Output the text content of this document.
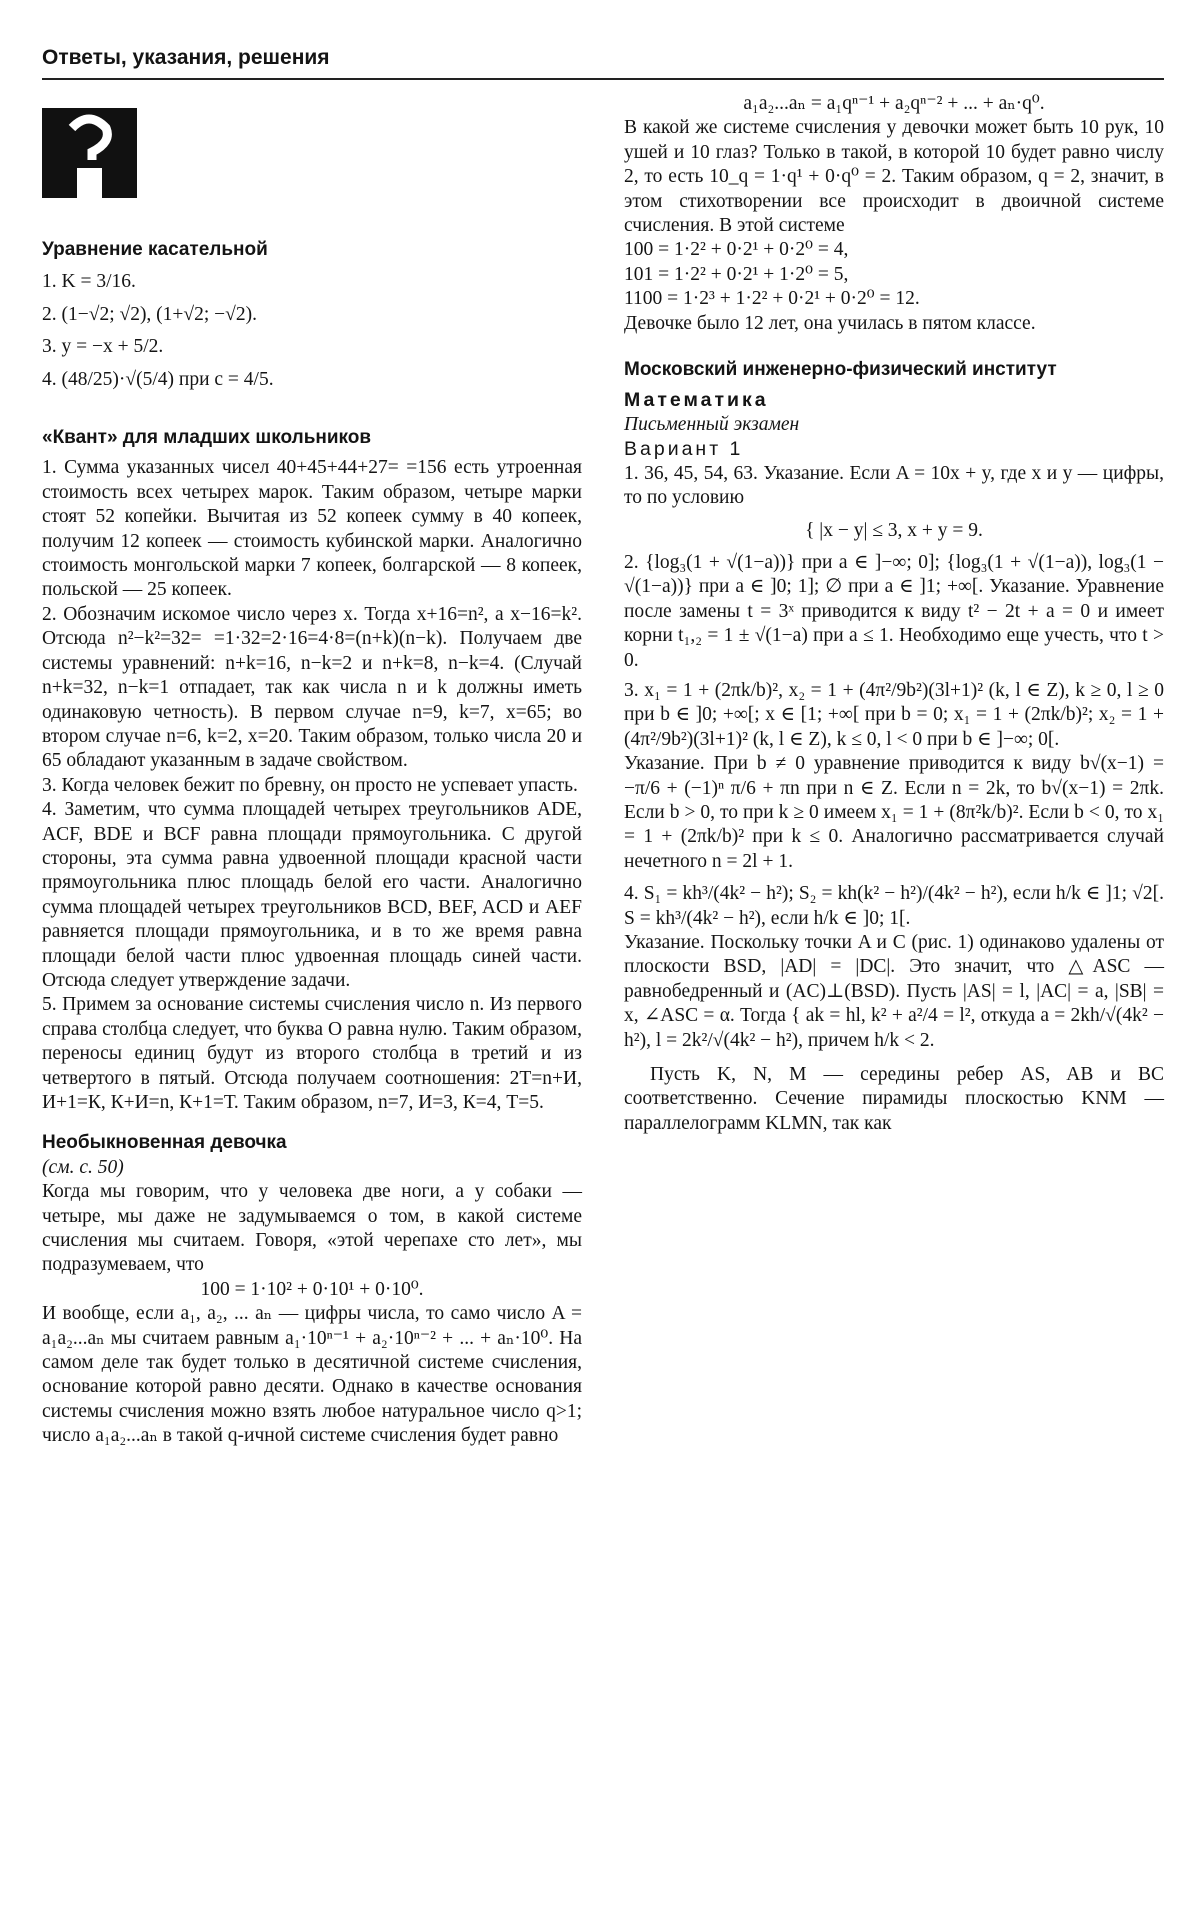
Ответы, указания, решения
Уравнение касательной

1. K = 3/16.

2. (1−√2; √2), (1+√2; −√2).

3. y = −x + 5/2.

4. (48/25)·√(5/4) при c = 4/5.

«Квант» для младших школьников

1. Сумма указанных чисел 40+45+44+27= =156 есть утроенная стоимость всех четырех марок. Таким образом, четыре марки стоят 52 копейки. Вычитая из 52 копеек сумму в 40 копеек, получим 12 копеек — стоимость кубинской марки. Аналогично стоимость монгольской марки 7 копеек, болгарской — 8 копеек, польской — 25 копеек.

2. Обозначим искомое число через x. Тогда x+16=n², а x−16=k². Отсюда n²−k²=32= =1·32=2·16=4·8=(n+k)(n−k). Получаем две системы уравнений: n+k=16, n−k=2 и n+k=8, n−k=4. (Случай n+k=32, n−k=1 отпадает, так как числа n и k должны иметь одинаковую четность). В первом случае n=9, k=7, x=65; во втором случае n=6, k=2, x=20. Таким образом, только числа 20 и 65 обладают указанным в задаче свойством.

3. Когда человек бежит по бревну, он просто не успевает упасть.

4. Заметим, что сумма площадей четырех треугольников ADE, ACF, BDE и BCF равна площади прямоугольника. С другой стороны, эта сумма равна удвоенной площади красной части прямоугольника плюс площадь белой его части. Аналогично сумма площадей четырех треугольников BCD, BEF, ACD и AEF равняется площади прямоугольника, и в то же время равна площади белой части плюс удвоенная площадь синей части. Отсюда следует утверждение задачи.

5. Примем за основание системы счисления число n. Из первого справа столбца следует, что буква О равна нулю. Таким образом, переносы единиц будут из второго столбца в третий и из четвертого в пятый. Отсюда получаем соотношения: 2Т=n+И, И+1=К, К+И=n, К+1=Т. Таким образом, n=7, И=3, К=4, Т=5.

Необыкновенная девочка

(см. с. 50)

Когда мы говорим, что у человека две ноги, а у собаки — четыре, мы даже не задумываемся о том, в какой системе счисления мы считаем. Говоря, «этой черепахе сто лет», мы подразумеваем, что

100 = 1·10² + 0·10¹ + 0·10⁰.

И вообще, если a₁, a₂, ... aₙ — цифры числа, то само число A = a₁a₂...aₙ мы считаем равным a₁·10ⁿ⁻¹ + a₂·10ⁿ⁻² + ... + aₙ·10⁰. На самом деле так будет только в десятичной системе счисления, основание которой равно десяти. Однако в качестве основания системы счисления можно взять любое натуральное число q>1; число a₁a₂...aₙ в такой q-ичной системе счисления будет равно

a₁a₂...aₙ = a₁qⁿ⁻¹ + a₂qⁿ⁻² + ... + aₙ·q⁰.

В какой же системе счисления у девочки может быть 10 рук, 10 ушей и 10 глаз? Только в такой, в которой 10 будет равно числу 2, то есть 10_q = 1·q¹ + 0·q⁰ = 2. Таким образом, q = 2, значит, в этом стихотворении все происходит в двоичной системе счисления. В этой системе

100 = 1·2² + 0·2¹ + 0·2⁰ = 4,

101 = 1·2² + 0·2¹ + 1·2⁰ = 5,

1100 = 1·2³ + 1·2² + 0·2¹ + 0·2⁰ = 12.

Девочке было 12 лет, она училась в пятом классе.

Московский инженерно-физический институт

Математика

Письменный экзамен

Вариант 1

1. 36, 45, 54, 63. Указание. Если A = 10x + y, где x и y — цифры, то по условию

{ |x − y| ≤ 3, x + y = 9.

2. {log₃(1 + √(1−a))} при a ∈ ]−∞; 0]; {log₃(1 + √(1−a)), log₃(1 − √(1−a))} при a ∈ ]0; 1]; ∅ при a ∈ ]1; +∞[. Указание. Уравнение после замены t = 3ˣ приводится к виду t² − 2t + a = 0 и имеет корни t₁,₂ = 1 ± √(1−a) при a ≤ 1. Необходимо еще учесть, что t > 0.

3. x₁ = 1 + (2πk/b)², x₂ = 1 + (4π²/9b²)(3l+1)² (k, l ∈ Z), k ≥ 0, l ≥ 0 при b ∈ ]0; +∞[; x ∈ [1; +∞[ при b = 0; x₁ = 1 + (2πk/b)²; x₂ = 1 + (4π²/9b²)(3l+1)² (k, l ∈ Z), k ≤ 0, l < 0 при b ∈ ]−∞; 0[.

Указание. При b ≠ 0 уравнение приводится к виду b√(x−1) = −π/6 + (−1)ⁿ π/6 + πn при n ∈ Z. Если n = 2k, то b√(x−1) = 2πk. Если b > 0, то при k ≥ 0 имеем x₁ = 1 + (8π²k/b)². Если b < 0, то x₁ = 1 + (2πk/b)² при k ≤ 0. Аналогично рассматривается случай нечетного n = 2l + 1.

4. S₁ = kh³/(4k² − h²); S₂ = kh(k² − h²)/(4k² − h²), если h/k ∈ ]1; √2[. S = kh³/(4k² − h²), если h/k ∈ ]0; 1[.

Указание. Поскольку точки A и C (рис. 1) одинаково удалены от плоскости BSD, |AD| = |DC|. Это значит, что △ASC — равнобедренный и (AC)⊥(BSD). Пусть |AS| = l, |AC| = a, |SB| = x, ∠ASC = α. Тогда { ak = hl, k² + a²/4 = l², откуда a = 2kh/√(4k² − h²), l = 2k²/√(4k² − h²), причем h/k < 2.

Пусть K, N, M — середины ребер AS, AB и BC соответственно. Сечение пирамиды плоскостью KNM — параллелограмм KLMN, так как
